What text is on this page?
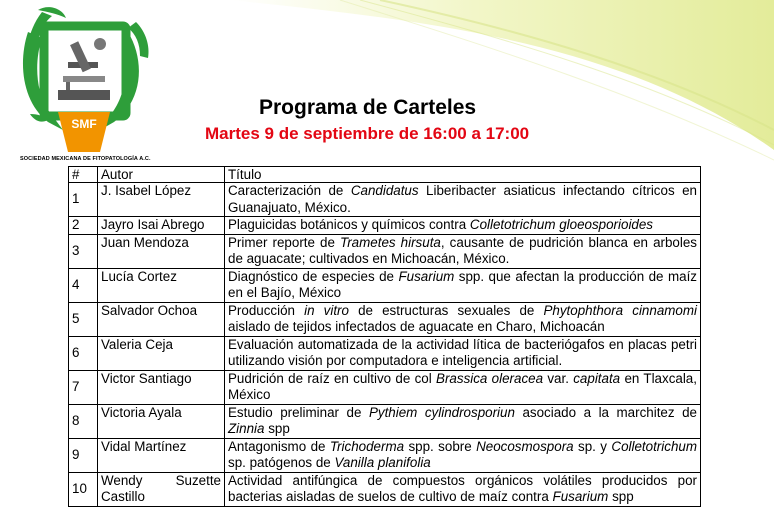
SMF
SOCIEDAD MEXICANA DE FITOPATOLOGÍA A.C.
Programa de Carteles
Martes 9 de septiembre de 16:00 a 17:00
#	Autor	Título
1	J. Isabel López	Caracterización de Candidatus Liberibacter asiaticus infectando cítricos en Guanajuato, México.
2	Jayro Isai Abrego	Plaguicidas botánicos y químicos contra Colletotrichum gloeosporioides
3	Juan Mendoza	Primer reporte de Trametes hirsuta, causante de pudrición blanca en arboles de aguacate; cultivados en Michoacán, México.
4	Lucía Cortez	Diagnóstico de especies de Fusarium spp. que afectan la producción de maíz en el Bajío, México
5	Salvador Ochoa	Producción in vitro de estructuras sexuales de Phytophthora cinnamomi aislado de tejidos infectados de aguacate en Charo, Michoacán
6	Valeria Ceja	Evaluación automatizada de la actividad lítica de bacteriógafos en placas petri utilizando visión por computadora e inteligencia artificial.
7	Victor Santiago	Pudrición de raíz en cultivo de col Brassica oleracea var. capitata en Tlaxcala, México
8	Victoria Ayala	Estudio preliminar de Pythiem cylindrosporiun asociado a la marchitez de Zinnia spp
9	Vidal Martínez	Antagonismo de Trichoderma spp. sobre Neocosmospora sp. y Colletotrichum sp. patógenos de Vanilla planifolia
10	Wendy Suzette Castillo	Actividad antifúngica de compuestos orgánicos volátiles producidos por bacterias aisladas de suelos de cultivo de maíz contra Fusarium spp
